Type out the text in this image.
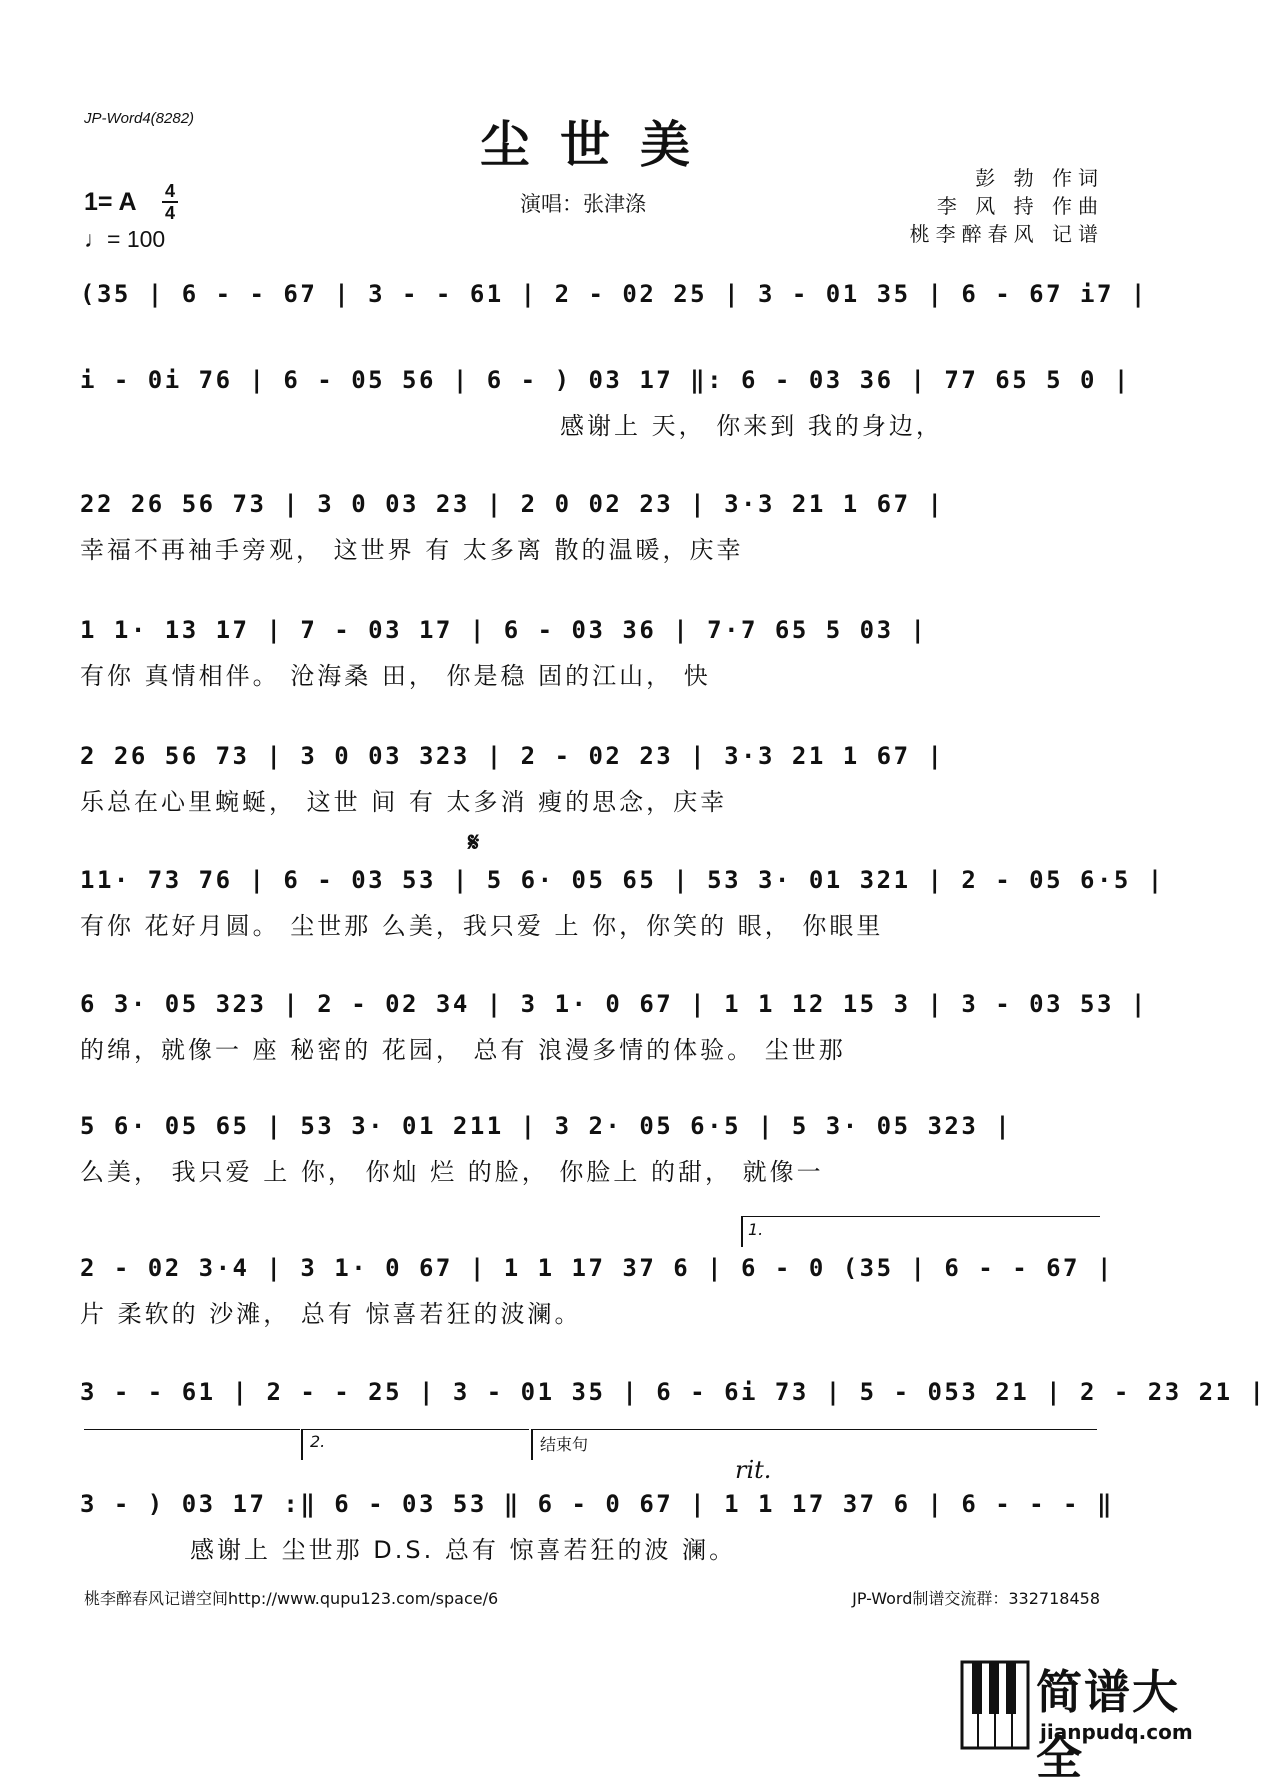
JP-Word4(8282)	尘世美
演唱：张津涤
1= A 4
4
♩= 100
彭 勃 作词
李 风 持 作曲
桃李醉春风 记谱
(35 | 6 - - 67 | 3 - - 61 | 2 - 02 25 | 3 - 01 35 | 6 - 67 i7 |
i - 0i 76 | 6 - 05 56 | 6 - ) 03 17 ‖: 6 - 03 36 | 77 65 5 0 |
感谢上 天， 你来到 我的身边，
22 26 56 73 | 3 0 03 23 | 2 0 02 23 | 3·3 21 1 67 |
幸福不再袖手旁观， 这世界 有 太多离 散的温暖，庆幸
1 1· 13 17 | 7 - 03 17 | 6 - 03 36 | 7·7 65 5 03 |
有你 真情相伴。 沧海桑 田， 你是稳 固的江山， 快
2 26 56 73 | 3 0 03 323 | 2 - 02 23 | 3·3 21 1 67 |
乐总在心里蜿蜒， 这世 间 有 太多消 瘦的思念，庆幸
𝄋
11· 73 76 | 6 - 03 53 | 5 6· 05 65 | 53 3· 01 321 | 2 - 05 6·5 |
有你 花好月圆。 尘世那 么美，我只爱 上 你，你笑的 眼， 你眼里
6 3· 05 323 | 2 - 02 34 | 3 1· 0 67 | 1 1 12 15 3 | 3 - 03 53 |
的绵，就像一 座 秘密的 花园， 总有 浪漫多情的体验。 尘世那
5 6· 05 65 | 53 3· 01 211 | 3 2· 05 6·5 | 5 3· 05 323 |
么美， 我只爱 上 你， 你灿 烂 的脸， 你脸上 的甜， 就像一
1.
2 - 02 3·4 | 3 1· 0 67 | 1 1 17 37 6 | 6 - 0 (35 | 6 - - 67 |
片 柔软的 沙滩， 总有 惊喜若狂的波澜。
3 - - 61 | 2 - - 25 | 3 - 01 35 | 6 - 6i 73 | 5 - 053 21 | 2 - 23 21 |
2.	结束句
rit.
3 - ) 03 17 :‖ 6 - 03 53 ‖ 6 - 0 67 | 1 1 17 37 6 | 6 - - - ‖
感谢上 尘世那 D.S. 总有 惊喜若狂的波 澜。
桃李醉春风记谱空间http://www.qupu123.com/space/6	JP-Word制谱交流群：332718458
简谱大全
jianpudq.com
